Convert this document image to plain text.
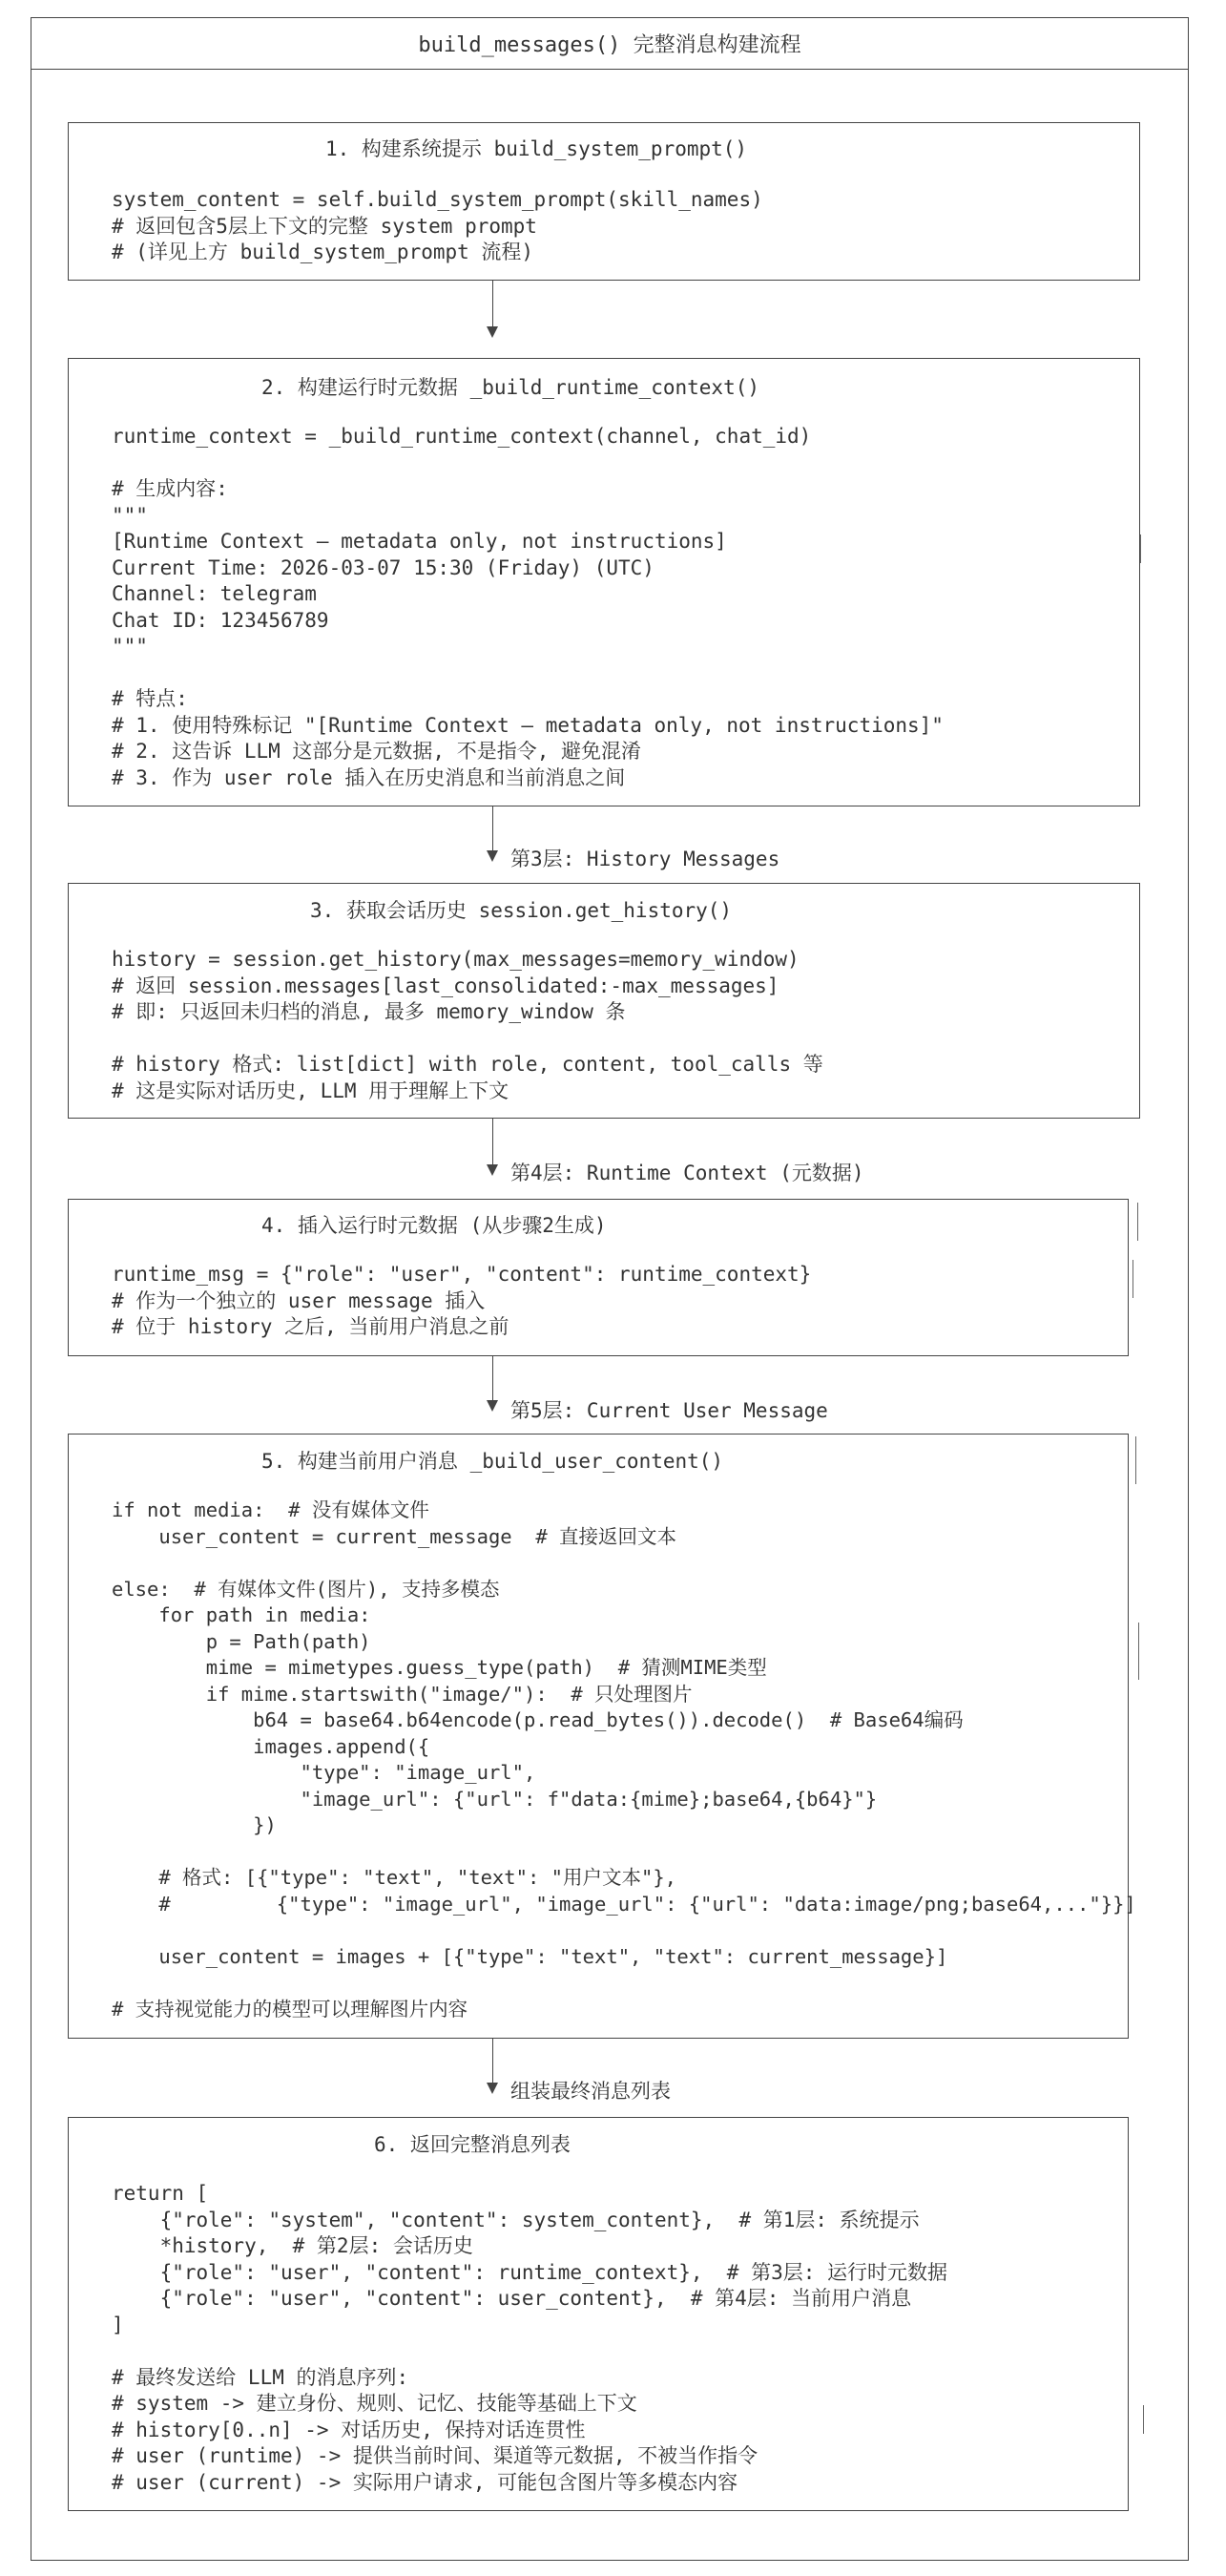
build_messages() 完整消息构建流程
1. 构建系统提示 build_system_prompt()
system_content = self.build_system_prompt(skill_names)
# 返回包含5层上下文的完整 system prompt
# (详见上方 build_system_prompt 流程)
2. 构建运行时元数据 _build_runtime_context()
runtime_context = _build_runtime_context(channel, chat_id)

# 生成内容:
"""
[Runtime Context — metadata only, not instructions]
Current Time: 2026-03-07 15:30 (Friday) (UTC)
Channel: telegram
Chat ID: 123456789
"""

# 特点:
# 1. 使用特殊标记 "[Runtime Context — metadata only, not instructions]"
# 2. 这告诉 LLM 这部分是元数据, 不是指令, 避免混淆
# 3. 作为 user role 插入在历史消息和当前消息之间
第3层: History Messages
3. 获取会话历史 session.get_history()
history = session.get_history(max_messages=memory_window)
# 返回 session.messages[last_consolidated:-max_messages]
# 即: 只返回未归档的消息, 最多 memory_window 条

# history 格式: list[dict] with role, content, tool_calls 等
# 这是实际对话历史, LLM 用于理解上下文
第4层: Runtime Context (元数据)
4. 插入运行时元数据 (从步骤2生成)
runtime_msg = {"role": "user", "content": runtime_context}
# 作为一个独立的 user message 插入
# 位于 history 之后, 当前用户消息之前
第5层: Current User Message
5. 构建当前用户消息 _build_user_content()
if not media:  # 没有媒体文件
user_content = current_message  # 直接返回文本

else:  # 有媒体文件(图片), 支持多模态
for path in media:
p = Path(path)
mime = mimetypes.guess_type(path)  # 猜测MIME类型
if mime.startswith("image/"):  # 只处理图片
b64 = base64.b64encode(p.read_bytes()).decode()  # Base64编码
images.append({
"type": "image_url",
"image_url": {"url": f"data:{mime};base64,{b64}"}
})

# 格式: [{"type": "text", "text": "用户文本"},
#         {"type": "image_url", "image_url": {"url": "data:image/png;base64,..."}}]

user_content = images + [{"type": "text", "text": current_message}]

# 支持视觉能力的模型可以理解图片内容
组装最终消息列表
6. 返回完整消息列表
return [
{"role": "system", "content": system_content},  # 第1层: 系统提示
*history,  # 第2层: 会话历史
{"role": "user", "content": runtime_context},  # 第3层: 运行时元数据
{"role": "user", "content": user_content},  # 第4层: 当前用户消息
]

# 最终发送给 LLM 的消息序列:
# system -> 建立身份、规则、记忆、技能等基础上下文
# history[0..n] -> 对话历史, 保持对话连贯性
# user (runtime) -> 提供当前时间、渠道等元数据, 不被当作指令
# user (current) -> 实际用户请求, 可能包含图片等多模态内容
